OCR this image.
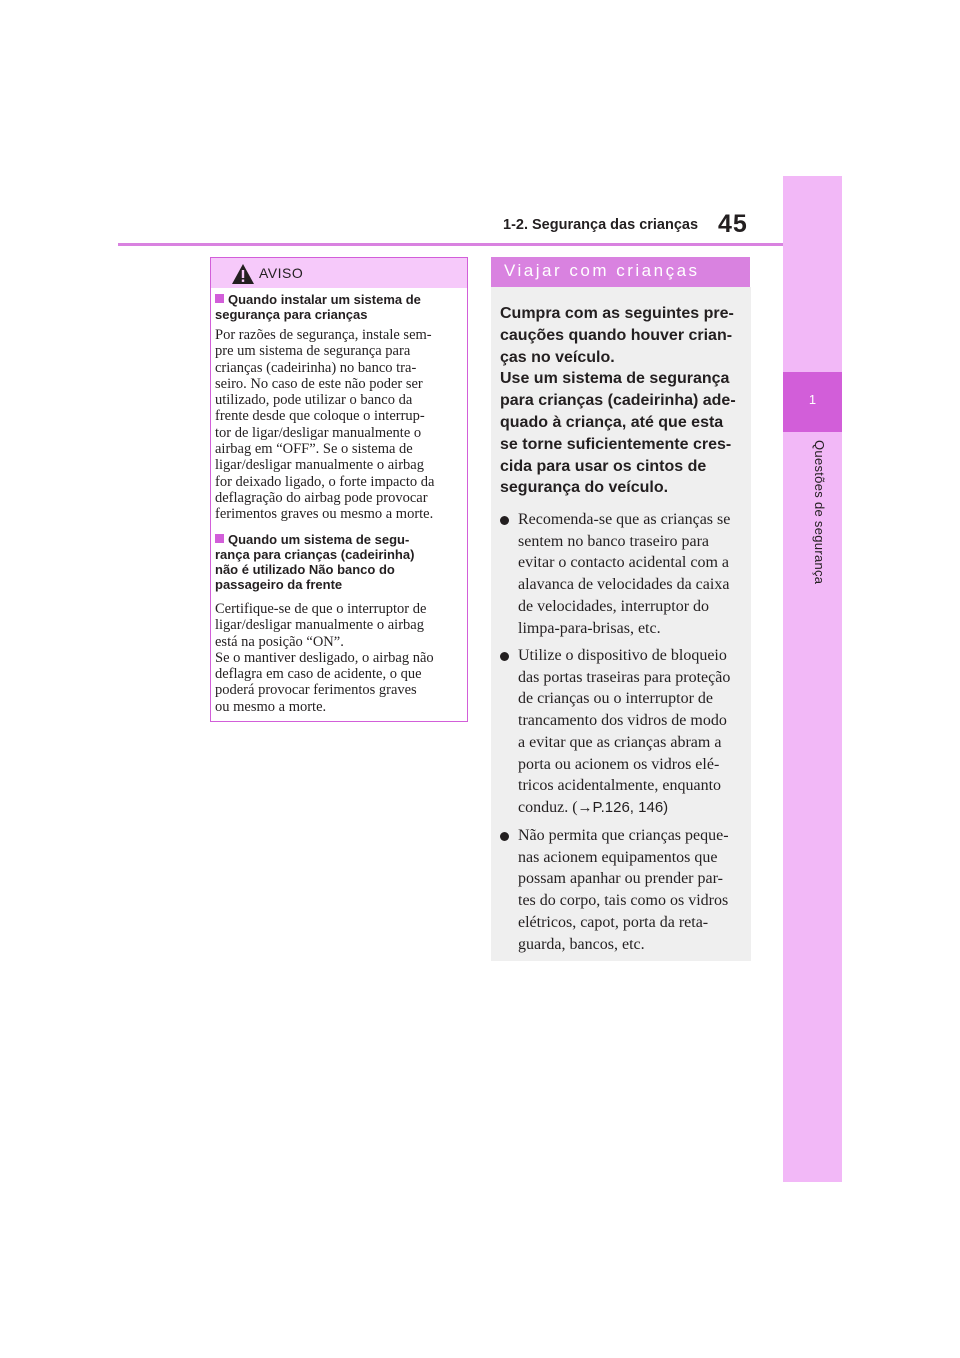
1-2. Segurança das crianças 45
1
Questões de segurança
AVISO
Quando instalar um sistema de
segurança para crianças
Por razões de segurança, instale sem-
pre um sistema de segurança para
crianças (cadeirinha) no banco tra-
seiro. No caso de este não poder ser
utilizado, pode utilizar o banco da
frente desde que coloque o interrup-
tor de ligar/desligar manualmente o
airbag em “OFF”. Se o sistema de
ligar/desligar manualmente o airbag
for deixado ligado, o forte impacto da
deflagração do airbag pode provocar
ferimentos graves ou mesmo a morte.
Quando um sistema de segu-
rança para crianças (cadeirinha)
não é utilizado Não banco do
passageiro da frente
Certifique-se de que o interruptor de
ligar/desligar manualmente o airbag
está na posição “ON”.
Se o mantiver desligado, o airbag não
deflagra em caso de acidente, o que
poderá provocar ferimentos graves
ou mesmo a morte.
Viajar com crianças
Cumpra com as seguintes pre-
cauções quando houver crian-
ças no veículo.
Use um sistema de segurança
para crianças (cadeirinha) ade-
quado à criança, até que esta
se torne suficientemente cres-
cida para usar os cintos de
segurança do veículo.
Recomenda-se que as crianças se
sentem no banco traseiro para
evitar o contacto acidental com a
alavanca de velocidades da caixa
de velocidades, interruptor do
limpa-para-brisas, etc.
Utilize o dispositivo de bloqueio
das portas traseiras para proteção
de crianças ou o interruptor de
trancamento dos vidros de modo
a evitar que as crianças abram a
porta ou acionem os vidros elé-
tricos acidentalmente, enquanto
conduz. (→P.126, 146)
Não permita que crianças peque-
nas acionem equipamentos que
possam apanhar ou prender par-
tes do corpo, tais como os vidros
elétricos, capot, porta da reta-
guarda, bancos, etc.
